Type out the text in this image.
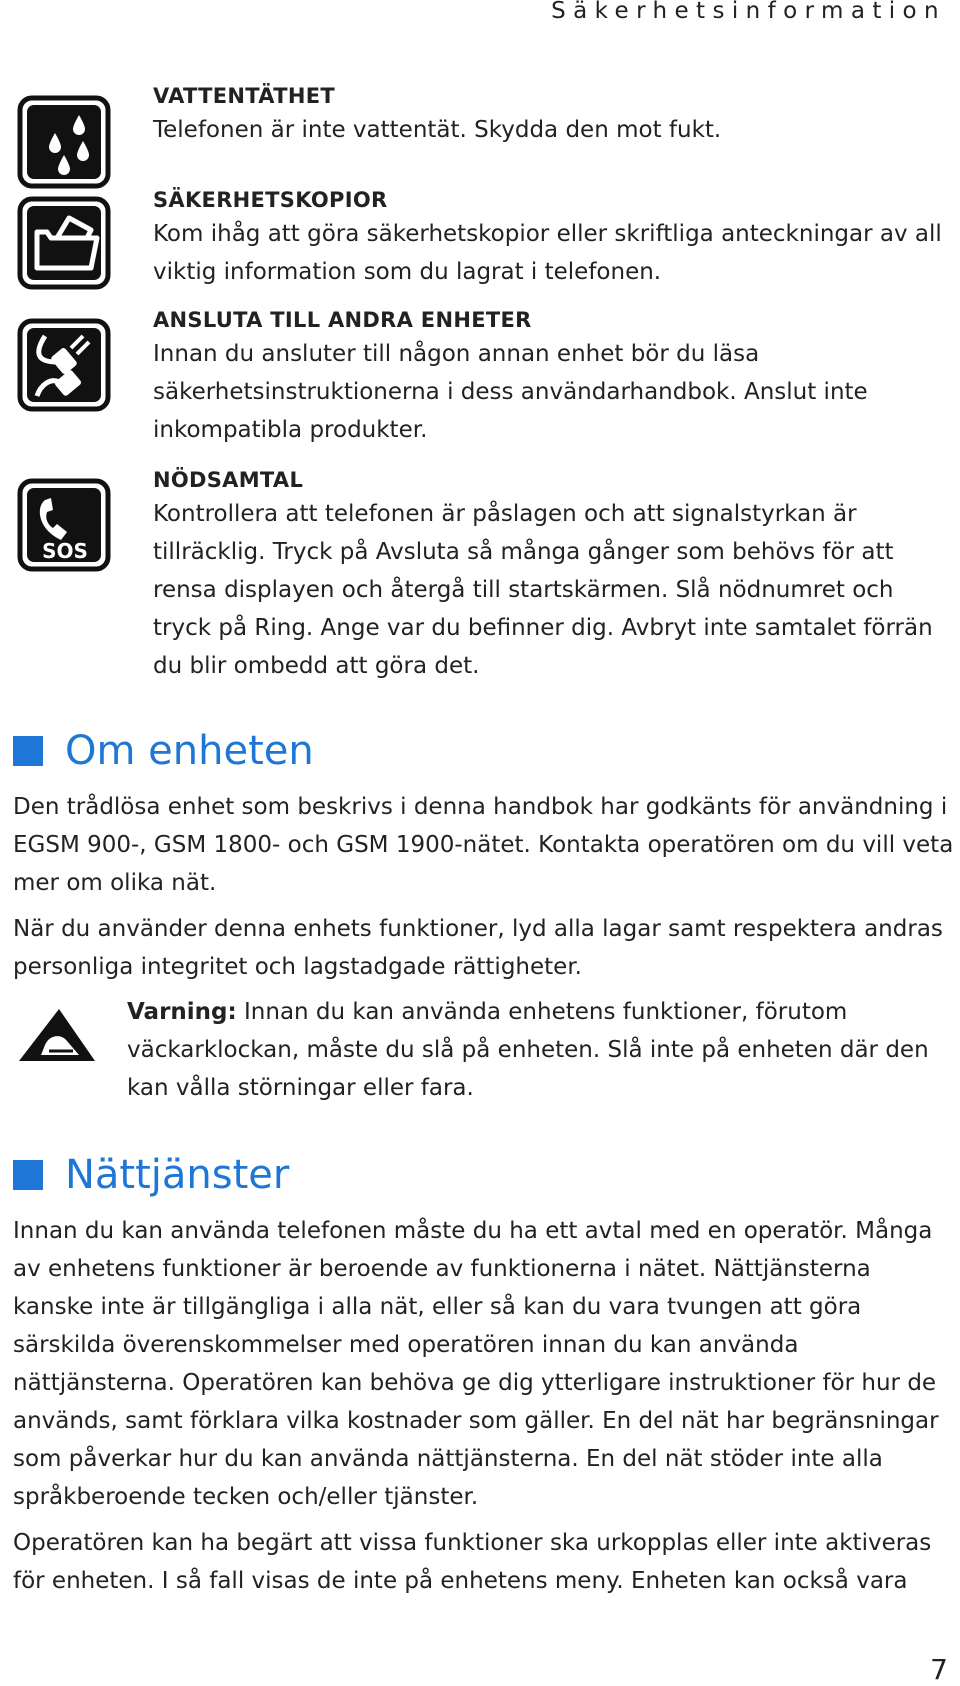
Säkerhetsinformation
SOS

VATTENTÄTHET

Telefonen är inte vattentät. Skydda den mot fukt.

SÄKERHETSKOPIOR

Kom ihåg att göra säkerhetskopior eller skriftliga anteckningar av all viktig information som du lagrat i telefonen.

ANSLUTA TILL ANDRA ENHETER

Innan du ansluter till någon annan enhet bör du läsa säkerhetsinstruktionerna i dess användarhandbok. Anslut inte inkompatibla produkter.

NÖDSAMTAL

Kontrollera att telefonen är påslagen och att signalstyrkan är tillräcklig. Tryck på Avsluta så många gånger som behövs för att rensa displayen och återgå till startskärmen. Slå nödnumret och tryck på Ring. Ange var du befinner dig. Avbryt inte samtalet förrän du blir ombedd att göra det.

Om enheten

Den trådlösa enhet som beskrivs i denna handbok har godkänts för användning i EGSM 900-, GSM 1800- och GSM 1900-nätet. Kontakta operatören om du vill veta mer om olika nät.

När du använder denna enhets funktioner, lyd alla lagar samt respektera andras personliga integritet och lagstadgade rättigheter.

Varning: Innan du kan använda enhetens funktioner, förutom väckarklockan, måste du slå på enheten. Slå inte på enheten där den kan vålla störningar eller fara.
Nättjänster

Innan du kan använda telefonen måste du ha ett avtal med en operatör. Många av enhetens funktioner är beroende av funktionerna i nätet. Nättjänsterna kanske inte är tillgängliga i alla nät, eller så kan du vara tvungen att göra särskilda överenskommelser med operatören innan du kan använda nättjänsterna. Operatören kan behöva ge dig ytterligare instruktioner för hur de används, samt förklara vilka kostnader som gäller. En del nät har begränsningar som påverkar hur du kan använda nättjänsterna. En del nät stöder inte alla språkberoende tecken och/eller tjänster.

Operatören kan ha begärt att vissa funktioner ska urkopplas eller inte aktiveras för enheten. I så fall visas de inte på enhetens meny. Enheten kan också vara

7
